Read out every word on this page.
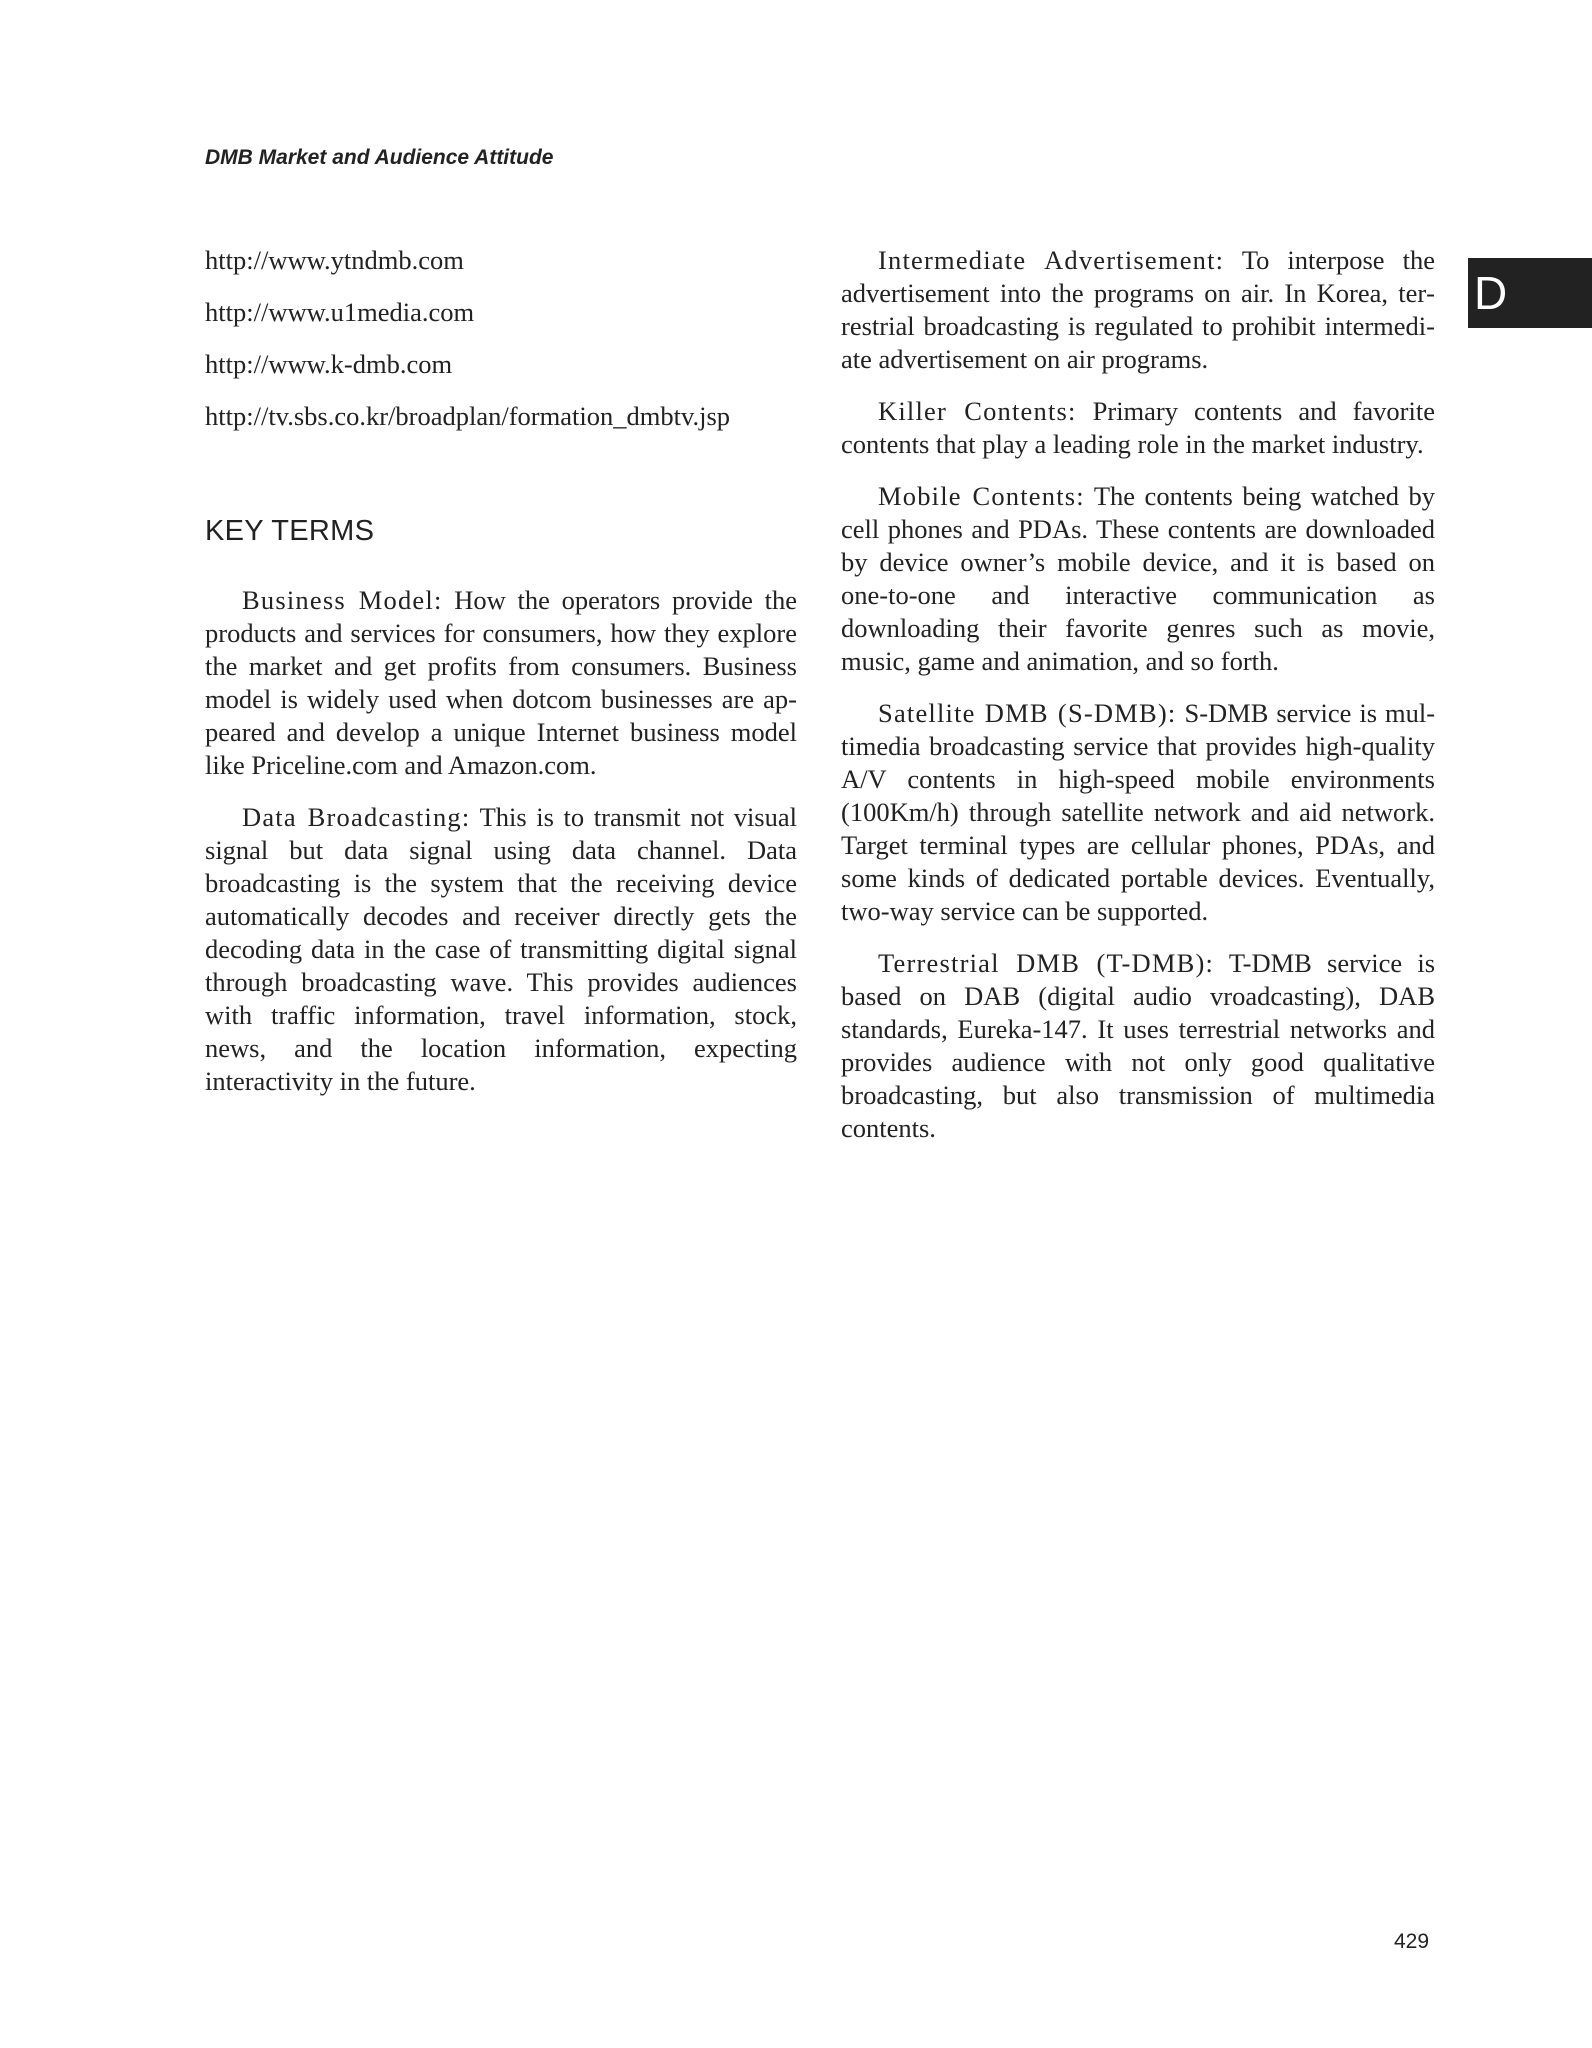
DMB Market and Audience Attitude
D
http://www.ytndmb.com
http://www.u1media.com
http://www.k-dmb.com
http://tv.sbs.co.kr/broadplan/formation_dmbtv.jsp
KEY TERMS

Business Model: How the operators provide the products and services for consumers, how they explore the market and get profits from consumers. Business model is widely used when dotcom businesses are appeared and develop a unique Internet business model like Priceline.com and Amazon.com.

Data Broadcasting: This is to transmit not visual signal but data signal using data channel. Data broadcasting is the system that the receiving device automatically decodes and receiver directly gets the decoding data in the case of transmitting digital signal through broadcasting wave. This provides audiences with traffic information, travel information, stock, news, and the location information, expecting interactivity in the future.

Intermediate Advertisement: To interpose the advertisement into the programs on air. In Korea, terrestrial broadcasting is regulated to prohibit intermediate advertisement on air programs.

Killer Contents: Primary contents and favorite contents that play a leading role in the market industry.

Mobile Contents: The contents being watched by cell phones and PDAs. These contents are downloaded by device owner’s mobile device, and it is based on one-to-one and interactive communication as downloading their favorite genres such as movie, music, game and animation, and so forth.

Satellite DMB (S-DMB): S-DMB service is multimedia broadcasting service that provides high-quality A/V contents in high-speed mobile environments (100Km/h) through satellite network and aid network. Target terminal types are cellular phones, PDAs, and some kinds of dedicated portable devices. Eventually, two-way service can be supported.

Terrestrial DMB (T-DMB): T-DMB service is based on DAB (digital audio vroadcasting), DAB standards, Eureka-147. It uses terrestrial networks and provides audience with not only good qualitative broadcasting, but also transmission of multimedia contents.

429
